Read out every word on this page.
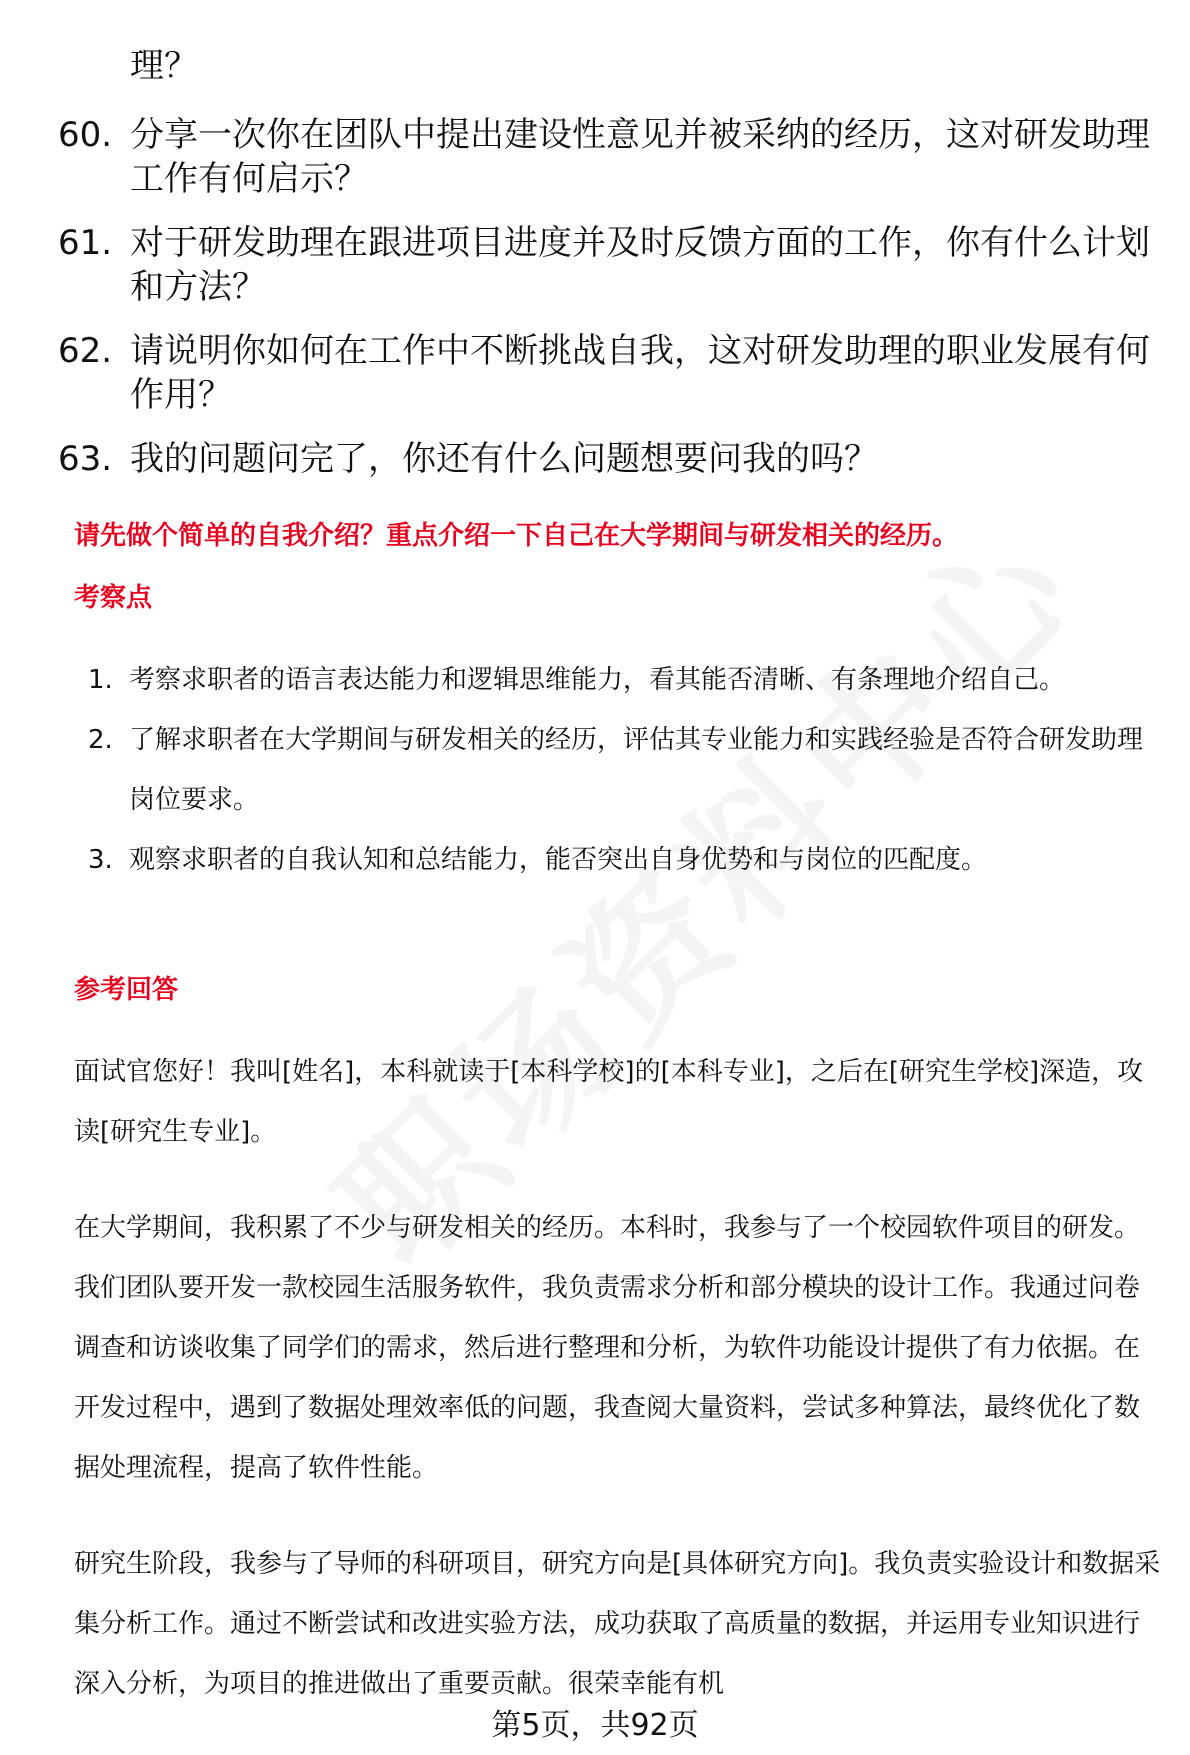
理？
60. 分享一次你在团队中提出建设性意见并被采纳的经历，这对研发助理工作有何启示？
61. 对于研发助理在跟进项目进度并及时反馈方面的工作，你有什么计划和方法？
62. 请说明你如何在工作中不断挑战自我，这对研发助理的职业发展有何作用？
63. 我的问题问完了，你还有什么问题想要问我的吗？
请先做个简单的自我介绍？重点介绍一下自己在大学期间与研发相关的经历。
考察点
1. 考察求职者的语言表达能力和逻辑思维能力，看其能否清晰、有条理地介绍自己。
2. 了解求职者在大学期间与研发相关的经历，评估其专业能力和实践经验是否符合研发助理岗位要求。
3. 观察求职者的自我认知和总结能力，能否突出自身优势和与岗位的匹配度。
参考回答

面试官您好！我叫[姓名]，本科就读于[本科学校]的[本科专业]，之后在[研究生学校]深造，攻读[研究生专业]。

在大学期间，我积累了不少与研发相关的经历。本科时，我参与了一个校园软件项目的研发。我们团队要开发一款校园生活服务软件，我负责需求分析和部分模块的设计工作。我通过问卷调查和访谈收集了同学们的需求，然后进行整理和分析，为软件功能设计提供了有力依据。在开发过程中，遇到了数据处理效率低的问题，我查阅大量资料，尝试多种算法，最终优化了数据处理流程，提高了软件性能。

研究生阶段，我参与了导师的科研项目，研究方向是[具体研究方向]。我负责实验设计和数据采集分析工作。通过不断尝试和改进实验方法，成功获取了高质量的数据，并运用专业知识进行深入分析，为项目的推进做出了重要贡献。很荣幸能有机

第5页，共92页
